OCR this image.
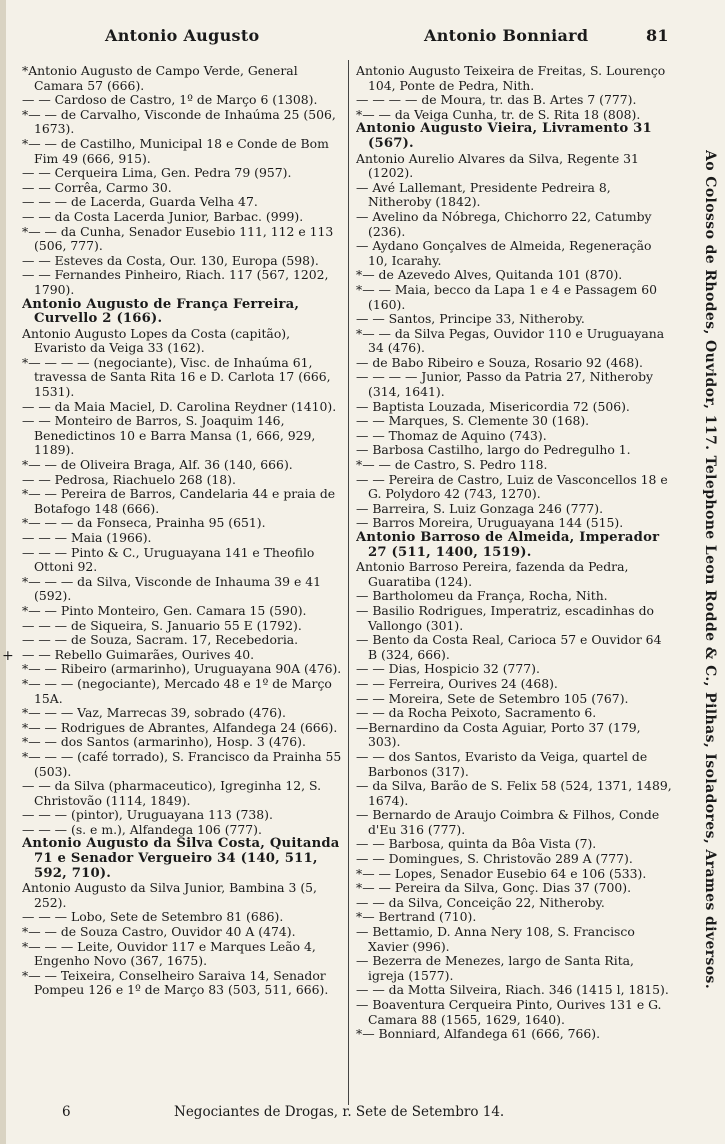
+
Antonio Augusto	Antonio Bonniard	81

*Antonio Augusto de Campo Verde, General Camara 57 (666).

— — Cardoso de Castro, 1º de Março 6 (1308).

*— — de Carvalho, Visconde de Inhaúma 25 (506, 1673).

*— — de Castilho, Municipal 18 e Conde de Bom Fim 49 (666, 915).

— — Cerqueira Lima, Gen. Pedra 79 (957).

— — Corrêa, Carmo 30.

— — — de Lacerda, Guarda Velha 47.

— — da Costa Lacerda Junior, Barbac. (999).

*— — da Cunha, Senador Eusebio 111, 112 e 113 (506, 777).

— — Esteves da Costa, Our. 130, Europa (598).

— — Fernandes Pinheiro, Riach. 117 (567, 1202, 1790).

Antonio Augusto de França Ferreira, Curvello 2 (166).

Antonio Augusto Lopes da Costa (capitão), Evaristo da Veiga 33 (162).

*— — — — (negociante), Visc. de Inhaúma 61, travessa de Santa Rita 16 e D. Carlota 17 (666, 1531).

— — da Maia Maciel, D. Carolina Reydner (1410).

— — Monteiro de Barros, S. Joaquim 146, Benedictinos 10 e Barra Mansa (1, 666, 929, 1189).

*— — de Oliveira Braga, Alf. 36 (140, 666).

— — Pedrosa, Riachuelo 268 (18).

*— — Pereira de Barros, Candelaria 44 e praia de Botafogo 148 (666).

*— — — da Fonseca, Prainha 95 (651).

— — — Maia (1966).

— — — Pinto & C., Uruguayana 141 e Theofilo Ottoni 92.

*— — — da Silva, Visconde de Inhauma 39 e 41 (592).

*— — Pinto Monteiro, Gen. Camara 15 (590).

— — — de Siqueira, S. Januario 55 E (1792).

— — — de Souza, Sacram. 17, Recebedoria.

— — Rebello Guimarães, Ourives 40.

*— — Ribeiro (armarinho), Uruguayana 90A (476).

*— — — (negociante), Mercado 48 e 1º de Março 15A.

*— — — Vaz, Marrecas 39, sobrado (476).

*— — Rodrigues de Abrantes, Alfandega 24 (666).

*— — dos Santos (armarinho), Hosp. 3 (476).

*— — — (café torrado), S. Francisco da Prainha 55 (503).

— — da Silva (pharmaceutico), Igreginha 12, S. Christovão (1114, 1849).

— — — (pintor), Uruguayana 113 (738).

— — — (s. e m.), Alfandega 106 (777).

Antonio Augusto da Silva Costa, Quitanda 71 e Senador Vergueiro 34 (140, 511, 592, 710).

Antonio Augusto da Silva Junior, Bambina 3 (5, 252).

— — — Lobo, Sete de Setembro 81 (686).

*— — de Souza Castro, Ouvidor 40 A (474).

*— — — Leite, Ouvidor 117 e Marques Leão 4, Engenho Novo (367, 1675).

*— — Teixeira, Conselheiro Saraiva 14, Senador Pompeu 126 e 1º de Março 83 (503, 511, 666).

Antonio Augusto Teixeira de Freitas, S. Lourenço 104, Ponte de Pedra, Nith.

— — — — de Moura, tr. das B. Artes 7 (777).

*— — da Veiga Cunha, tr. de S. Rita 18 (808).

Antonio Augusto Vieira, Livramento 31 (567).

Antonio Aurelio Alvares da Silva, Regente 31 (1202).

— Avé Lallemant, Presidente Pedreira 8, Nitheroby (1842).

— Avelino da Nóbrega, Chichorro 22, Catumby (236).

— Aydano Gonçalves de Almeida, Regeneração 10, Icarahy.

*— de Azevedo Alves, Quitanda 101 (870).

*— — Maia, becco da Lapa 1 e 4 e Passagem 60 (160).

— — Santos, Principe 33, Nitheroby.

*— — da Silva Pegas, Ouvidor 110 e Uruguayana 34 (476).

— de Babo Ribeiro e Souza, Rosario 92 (468).

— — — — Junior, Passo da Patria 27, Nitheroby (314, 1641).

— Baptista Louzada, Misericordia 72 (506).

— — Marques, S. Clemente 30 (168).

— — Thomaz de Aquino (743).

— Barbosa Castilho, largo do Pedregulho 1.

*— — de Castro, S. Pedro 118.

— — Pereira de Castro, Luiz de Vasconcellos 18 e G. Polydoro 42 (743, 1270).

— Barreira, S. Luiz Gonzaga 246 (777).

— Barros Moreira, Uruguayana 144 (515).

Antonio Barroso de Almeida, Imperador 27 (511, 1400, 1519).

Antonio Barroso Pereira, fazenda da Pedra, Guaratiba (124).

— Bartholomeu da França, Rocha, Nith.

— Basilio Rodrigues, Imperatriz, escadinhas do Vallongo (301).

— Bento da Costa Real, Carioca 57 e Ouvidor 64 B (324, 666).

— — Dias, Hospicio 32 (777).

— — Ferreira, Ourives 24 (468).

— — Moreira, Sete de Setembro 105 (767).

— — da Rocha Peixoto, Sacramento 6.

—Bernardino da Costa Aguiar, Porto 37 (179, 303).

— — dos Santos, Evaristo da Veiga, quartel de Barbonos (317).

— da Silva, Barão de S. Felix 58 (524, 1371, 1489, 1674).

— Bernardo de Araujo Coimbra & Filhos, Conde d'Eu 316 (777).

— — Barbosa, quinta da Bôa Vista (7).

— — Domingues, S. Christovão 289 A (777).

*— — Lopes, Senador Eusebio 64 e 106 (533).

*— — Pereira da Silva, Gonç. Dias 37 (700).

— — da Silva, Conceição 22, Nitheroby.

*— Bertrand (710).

— Bettamio, D. Anna Nery 108, S. Francisco Xavier (996).

— Bezerra de Menezes, largo de Santa Rita, igreja (1577).

— — da Motta Silveira, Riach. 346 (1415 l, 1815).

— Boaventura Cerqueira Pinto, Ourives 131 e G. Camara 88 (1565, 1629, 1640).

*— Bonniard, Alfandega 61 (666, 766).

Ao Colosso de Rhodes, Ouvidor, 117. Telephone Leon Rodde & C., Pilhas, Isoladores, Arames diversos.
6	Negociantes de Drogas, r. Sete de Setembro 14.
